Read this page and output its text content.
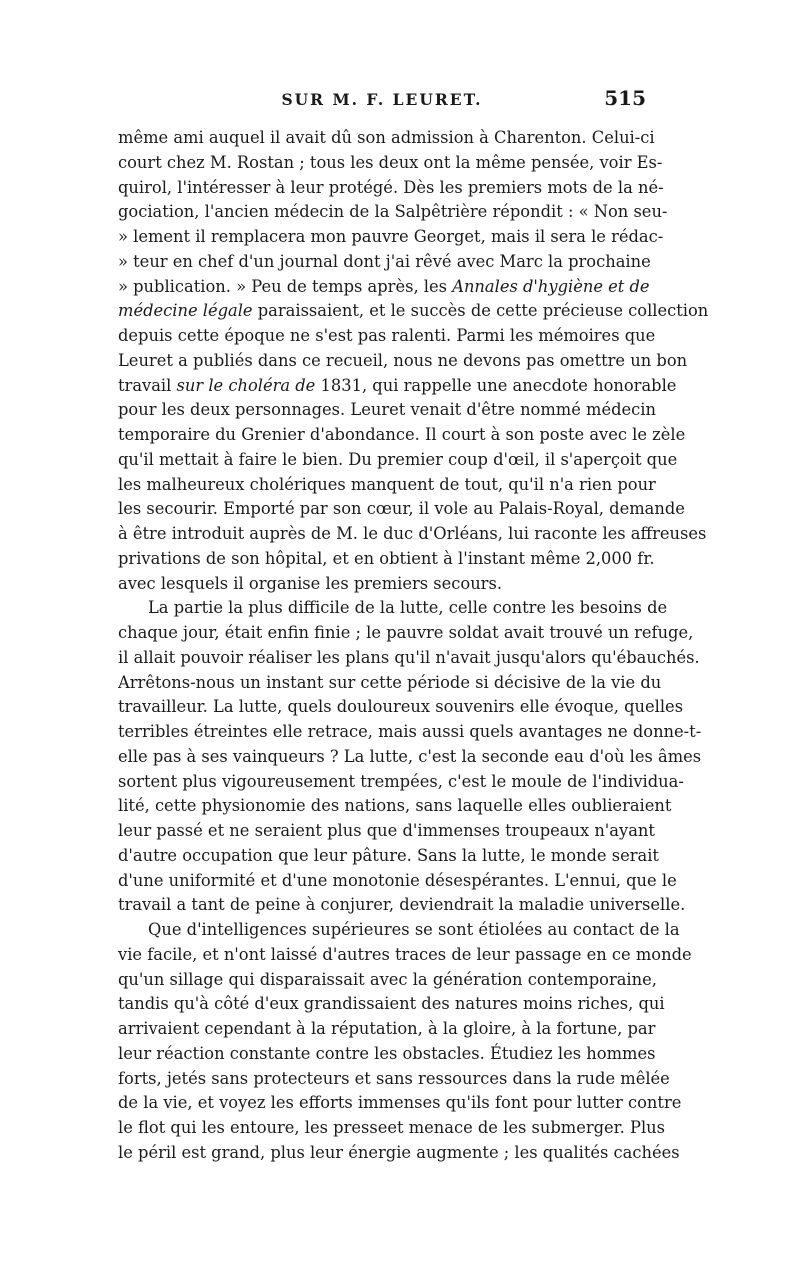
SUR M. F. LEURET.	515
même ami auquel il avait dû son admission à Charenton. Celui-ci
court chez M. Rostan ; tous les deux ont la même pensée, voir Es-
quirol, l'intéresser à leur protégé. Dès les premiers mots de la né-
gociation, l'ancien médecin de la Salpêtrière répondit : « Non seu-
» lement il remplacera mon pauvre Georget, mais il sera le rédac-
» teur en chef d'un journal dont j'ai rêvé avec Marc la prochaine
» publication. » Peu de temps après, les Annales d'hygiène et de
médecine légale paraissaient, et le succès de cette précieuse collection
depuis cette époque ne s'est pas ralenti. Parmi les mémoires que
Leuret a publiés dans ce recueil, nous ne devons pas omettre un bon
travail sur le choléra de 1831, qui rappelle une anecdote honorable
pour les deux personnages. Leuret venait d'être nommé médecin
temporaire du Grenier d'abondance. Il court à son poste avec le zèle
qu'il mettait à faire le bien. Du premier coup d'œil, il s'aperçoit que
les malheureux cholériques manquent de tout, qu'il n'a rien pour
les secourir. Emporté par son cœur, il vole au Palais-Royal, demande
à être introduit auprès de M. le duc d'Orléans, lui raconte les affreuses
privations de son hôpital, et en obtient à l'instant même 2,000 fr.
avec lesquels il organise les premiers secours.
La partie la plus difficile de la lutte, celle contre les besoins de
chaque jour, était enfin finie ; le pauvre soldat avait trouvé un refuge,
il allait pouvoir réaliser les plans qu'il n'avait jusqu'alors qu'ébauchés.
Arrêtons-nous un instant sur cette période si décisive de la vie du
travailleur. La lutte, quels douloureux souvenirs elle évoque, quelles
terribles étreintes elle retrace, mais aussi quels avantages ne donne-t-
elle pas à ses vainqueurs ? La lutte, c'est la seconde eau d'où les âmes
sortent plus vigoureusement trempées, c'est le moule de l'individua-
lité, cette physionomie des nations, sans laquelle elles oublieraient
leur passé et ne seraient plus que d'immenses troupeaux n'ayant
d'autre occupation que leur pâture. Sans la lutte, le monde serait
d'une uniformité et d'une monotonie désespérantes. L'ennui, que le
travail a tant de peine à conjurer, deviendrait la maladie universelle.
Que d'intelligences supérieures se sont étiolées au contact de la
vie facile, et n'ont laissé d'autres traces de leur passage en ce monde
qu'un sillage qui disparaissait avec la génération contemporaine,
tandis qu'à côté d'eux grandissaient des natures moins riches, qui
arrivaient cependant à la réputation, à la gloire, à la fortune, par
leur réaction constante contre les obstacles. Étudiez les hommes
forts, jetés sans protecteurs et sans ressources dans la rude mêlée
de la vie, et voyez les efforts immenses qu'ils font pour lutter contre
le flot qui les entoure, les presseet menace de les submerger. Plus
le péril est grand, plus leur énergie augmente ; les qualités cachées
